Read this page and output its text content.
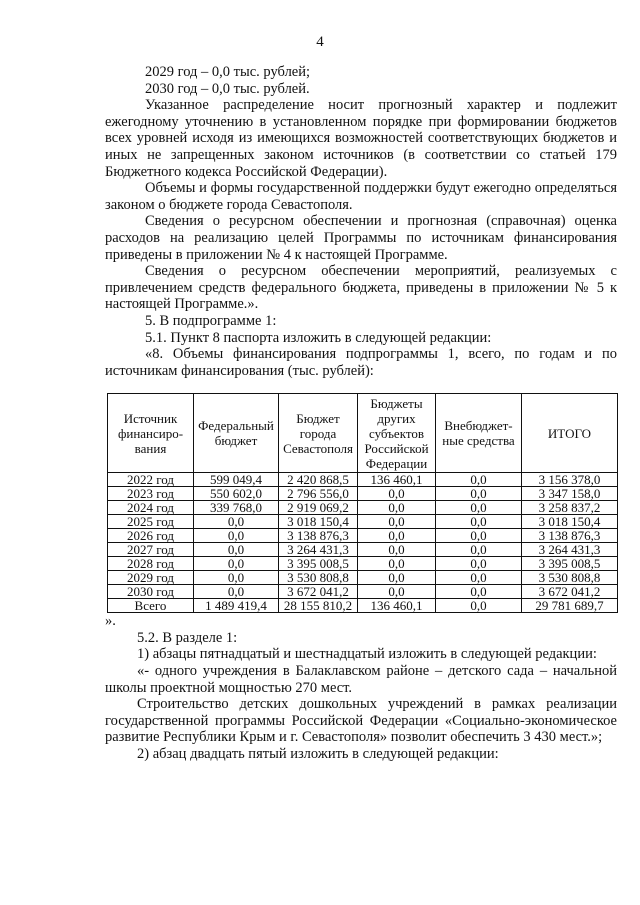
4

2029 год – 0,0 тыс. рублей;

2030 год – 0,0 тыс. рублей.

Указанное распределение носит прогнозный характер и подлежит ежегодному уточнению в установленном порядке при формировании бюджетов всех уровней исходя из имеющихся возможностей соответствующих бюджетов и иных не запрещенных законом источников (в соответствии со статьей 179 Бюджетного кодекса Российской Федерации).

Объемы и формы государственной поддержки будут ежегодно определяться законом о бюджете города Севастополя.

Сведения о ресурсном обеспечении и прогнозная (справочная) оценка расходов на реализацию целей Программы по источникам финансирования приведены в приложении № 4 к настоящей Программе.

Сведения о ресурсном обеспечении мероприятий, реализуемых с привлечением средств федерального бюджета, приведены в приложении № 5 к настоящей Программе.».

5. В подпрограмме 1:

5.1. Пункт 8 паспорта изложить в следующей редакции:

«8. Объемы финансирования подпрограммы 1, всего, по годам и по источникам финансирования (тыс. рублей):

Источник финансиро-вания	Федеральный бюджет	Бюджет города Севастополя	Бюджеты других субъектов Российской Федерации	Внебюджет-ные средства	ИТОГО
2022 год	599 049,4	2 420 868,5	136 460,1	0,0	3 156 378,0
2023 год	550 602,0	2 796 556,0	0,0	0,0	3 347 158,0
2024 год	339 768,0	2 919 069,2	0,0	0,0	3 258 837,2
2025 год	0,0	3 018 150,4	0,0	0,0	3 018 150,4
2026 год	0,0	3 138 876,3	0,0	0,0	3 138 876,3
2027 год	0,0	3 264 431,3	0,0	0,0	3 264 431,3
2028 год	0,0	3 395 008,5	0,0	0,0	3 395 008,5
2029 год	0,0	3 530 808,8	0,0	0,0	3 530 808,8
2030 год	0,0	3 672 041,2	0,0	0,0	3 672 041,2
Всего	1 489 419,4	28 155 810,2	136 460,1	0,0	29 781 689,7

».

5.2. В разделе 1:

1) абзацы пятнадцатый и шестнадцатый изложить в следующей редакции:

«- одного учреждения в Балаклавском районе – детского сада – начальной школы проектной мощностью 270 мест.

Строительство детских дошкольных учреждений в рамках реализации государственной программы Российской Федерации «Социально-экономическое развитие Республики Крым и г. Севастополя» позволит обеспечить 3 430 мест.»;

2) абзац двадцать пятый изложить в следующей редакции:
